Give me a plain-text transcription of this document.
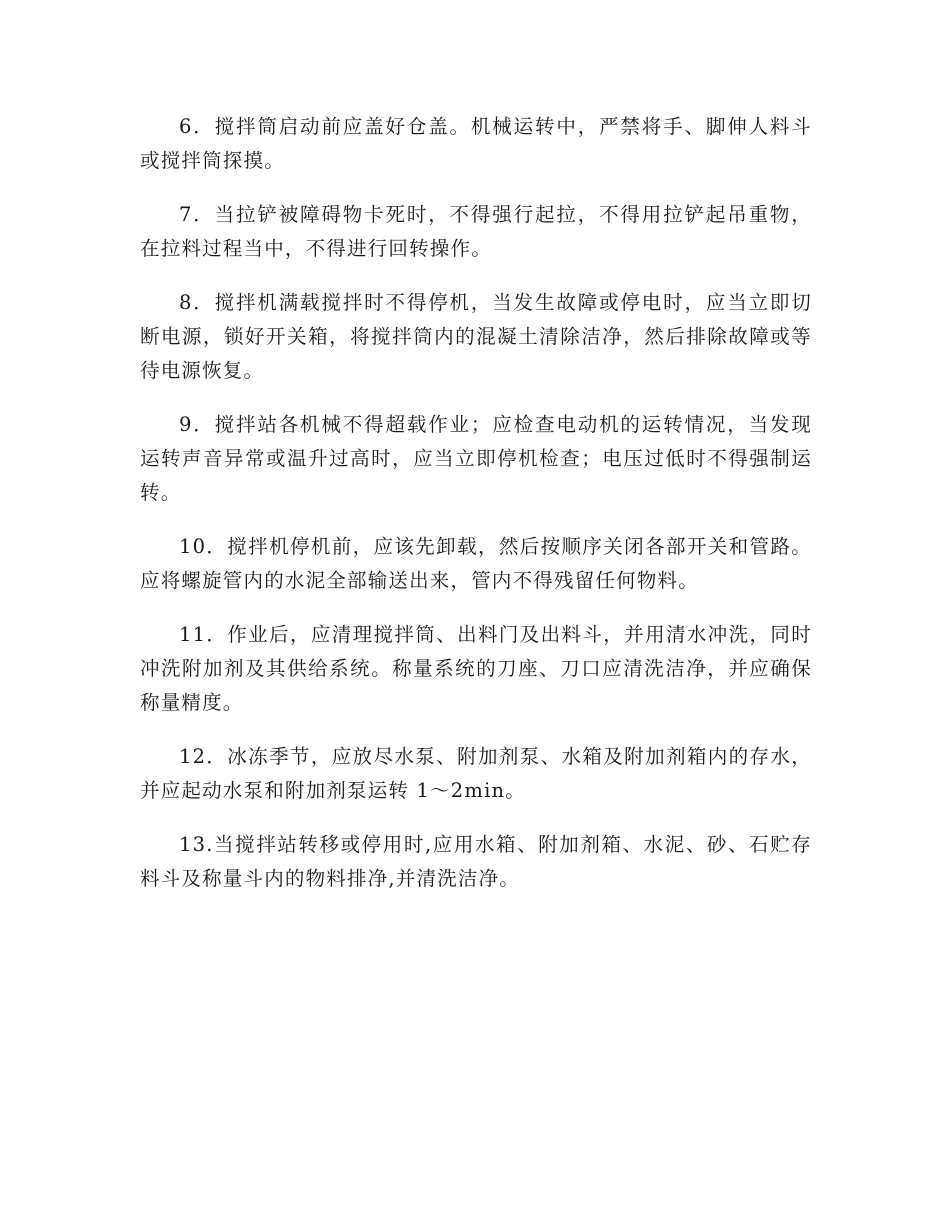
6．搅拌筒启动前应盖好仓盖。机械运转中，严禁将手、脚伸人料斗或搅拌筒探摸。

7．当拉铲被障碍物卡死时，不得强行起拉，不得用拉铲起吊重物，在拉料过程当中，不得进行回转操作。

8．搅拌机满载搅拌时不得停机，当发生故障或停电时，应当立即切断电源，锁好开关箱，将搅拌筒内的混凝土清除洁净，然后排除故障或等待电源恢复。

9．搅拌站各机械不得超载作业；应检查电动机的运转情况，当发现运转声音异常或温升过高时，应当立即停机检查；电压过低时不得强制运转。

10．搅拌机停机前，应该先卸载，然后按顺序关闭各部开关和管路。应将螺旋管内的水泥全部输送出来，管内不得残留任何物料。

11．作业后，应清理搅拌筒、出料门及出料斗，并用清水冲洗，同时冲洗附加剂及其供给系统。称量系统的刀座、刀口应清洗洁净，并应确保称量精度。

12．冰冻季节，应放尽水泵、附加剂泵、水箱及附加剂箱内的存水，并应起动水泵和附加剂泵运转 1～2min。

13.当搅拌站转移或停用时,应用水箱、附加剂箱、水泥、砂、石贮存料斗及称量斗内的物料排净,并清洗洁净。
